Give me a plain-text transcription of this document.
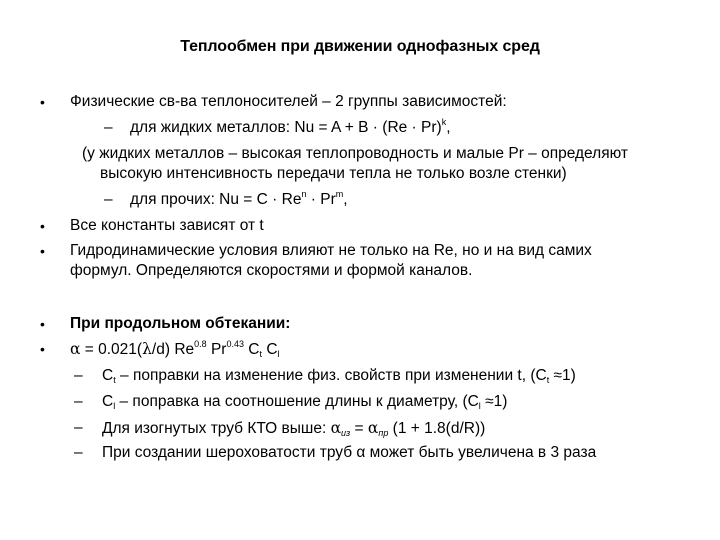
Теплообмен при движении однофазных сред
• Физические св-ва теплоносителей – 2 группы зависимостей:
– для жидких металлов: $Nu = A + B \cdot (Re \cdot Pr)^k$,
(у жидких металлов – высокая теплопроводность и малые Pr – определяют
высокую интенсивность передачи тепла не только возле стенки)
– для прочих: $Nu = C \cdot Re^n \cdot Pr^m$,
• Все константы зависят от t
• Гидродинамические условия влияют не только на Re, но и на вид самих формул. Определяются скоростями и формой каналов.
• При продольном обтекании:
• α = 0.021(λ/d) $Re^{0.8}$ $Pr^{0.43}$ $C_t$ $C_l$
– $C_t$ – поправки на изменение физ. свойств при изменении t, $(C_t \approx 1)$
– $C_l$ – поправка на соотношение длины к диаметру, $(C_l \approx 1)$
– Для изогнутых труб КТО выше: $\alpha_{из} = \alpha_{пр}$ (1 + 1.8(d/R))
– При создании шероховатости труб α может быть увеличена в 3 раза
